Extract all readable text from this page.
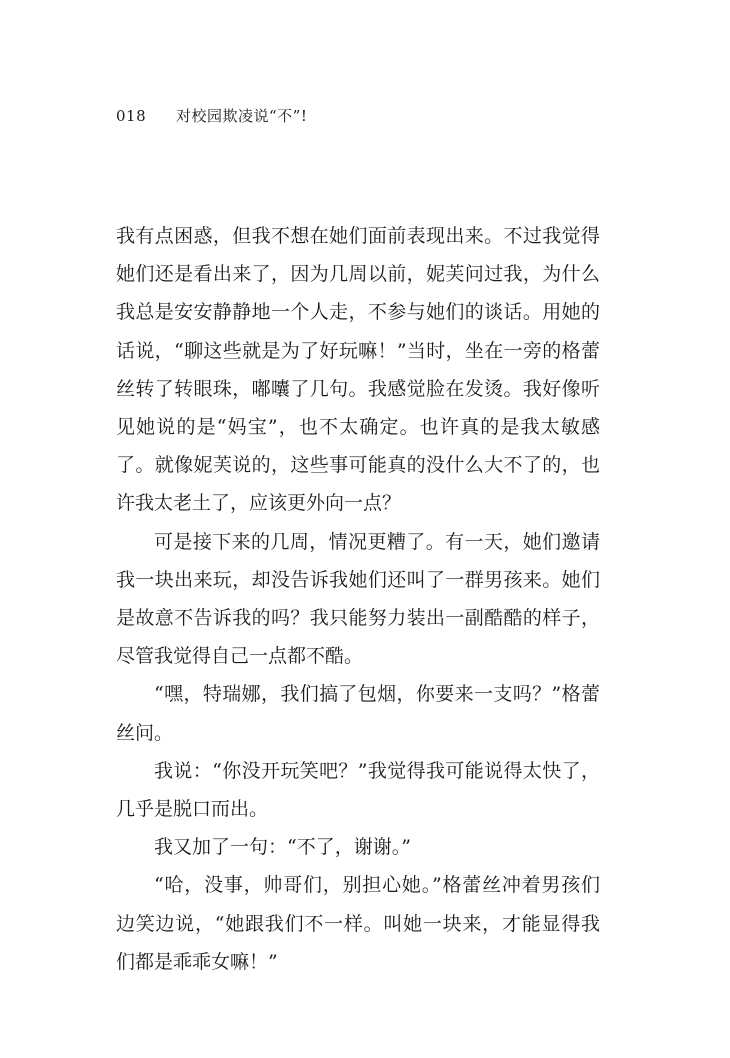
018	对校园欺凌说“不”!

我有点困惑，但我不想在她们面前表现出来。不过我觉得她们还是看出来了，因为几周以前，妮芙问过我，为什么我总是安安静静地一个人走，不参与她们的谈话。用她的话说，“聊这些就是为了好玩嘛！”当时，坐在一旁的格蕾丝转了转眼珠，嘟囔了几句。我感觉脸在发烫。我好像听见她说的是“妈宝”，也不太确定。也许真的是我太敏感了。就像妮芙说的，这些事可能真的没什么大不了的，也许我太老土了，应该更外向一点？

可是接下来的几周，情况更糟了。有一天，她们邀请我一块出来玩，却没告诉我她们还叫了一群男孩来。她们是故意不告诉我的吗？我只能努力装出一副酷酷的样子，尽管我觉得自己一点都不酷。

“嘿，特瑞娜，我们搞了包烟，你要来一支吗？”格蕾丝问。

我说：“你没开玩笑吧？”我觉得我可能说得太快了，几乎是脱口而出。

我又加了一句：“不了，谢谢。”

“哈，没事，帅哥们，别担心她。”格蕾丝冲着男孩们边笑边说，“她跟我们不一样。叫她一块来，才能显得我们都是乖乖女嘛！”
